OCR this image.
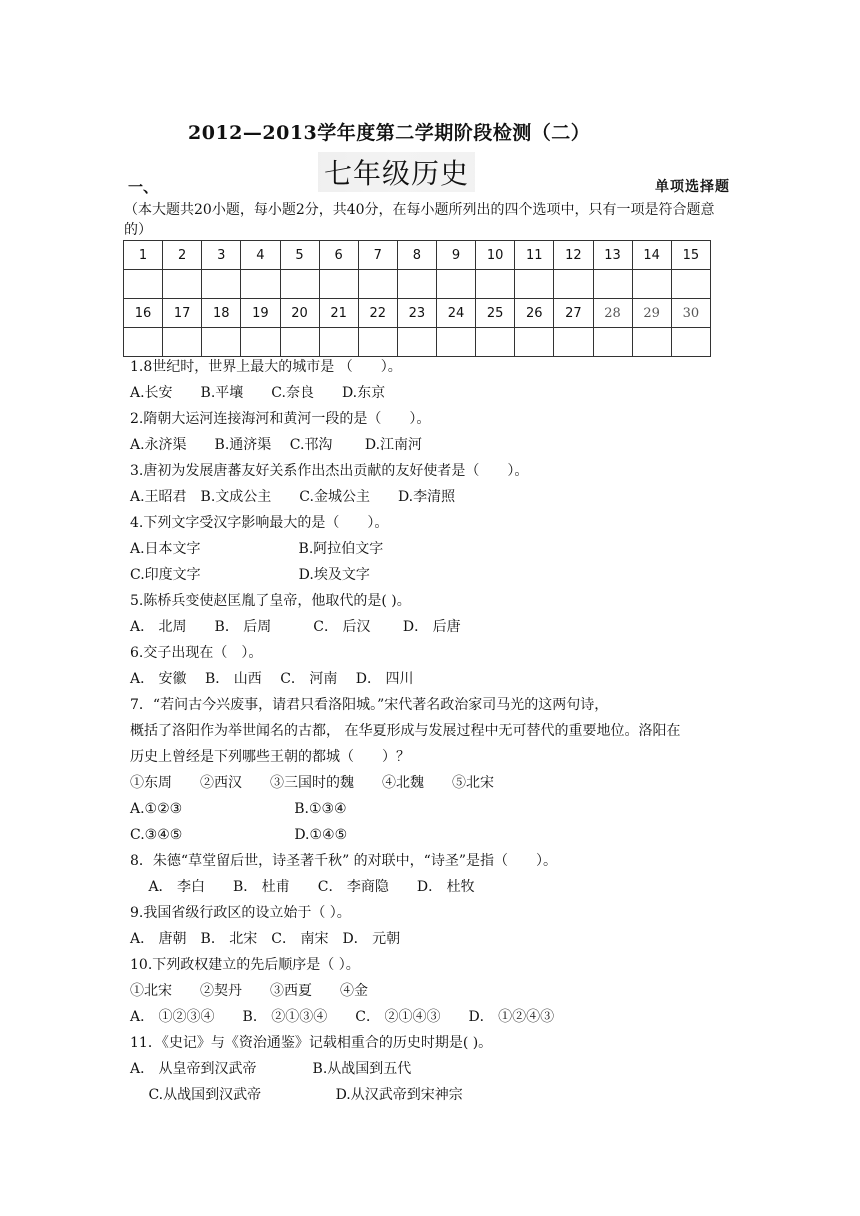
2012—2013学年度第二学期阶段检测（二）
七年级历史
一、	单项选择题
（本大题共20小题，每小题2分，共40分，在每小题所列出的四个选项中，只有一项是符合题意的）
1	2	3	4	5	6	7	8	9	10	11	12	13	14	15

16	17	18	19	20	21	22	23	24	25	26	27	28	29	30

1.8世纪时，世界上最大的城市是 （　　）。
A.长安　　B.平壤　　C.奈良　　D.东京
2.隋朝大运河连接海河和黄河一段的是（　　）。
A.永济渠　　B.通济渠　 C.邗沟　　 D.江南河
3.唐初为发展唐蕃友好关系作出杰出贡献的友好使者是（　　）。
A.王昭君　B.文成公主　　C.金城公主　　D.李清照
4.下列文字受汉字影响最大的是（　　）。
A.日本文字　　　　　　　B.阿拉伯文字
C.印度文字　　　　　　　D.埃及文字
5.陈桥兵变使赵匡胤了皇帝，他取代的是( )。
A． 北周　　B． 后周　　　C． 后汉　　 D． 后唐
6.交子出现在（　）。
A． 安徽　 B． 山西　 C． 河南　 D． 四川
7．“若问古今兴废事，请君只看洛阳城。”宋代著名政治家司马光的这两句诗，
概括了洛阳作为举世闻名的古都， 在华夏形成与发展过程中无可替代的重要地位。洛阳在
历史上曾经是下列哪些王朝的都城（　　）？
①东周　　②西汉　　③三国时的魏　　④北魏　　⑤北宋
A.①②③　　　　　　　　B.①③④
C.③④⑤　　　　　　　　D.①④⑤
8．朱德“草堂留后世，诗圣著千秋” 的对联中，“诗圣”是指（　　）。
　 A． 李白　　B． 杜甫　　C． 李商隐　　D． 杜牧
9.我国省级行政区的设立始于（ ）。
A． 唐朝　B． 北宋　C． 南宋　D． 元朝
10.下列政权建立的先后顺序是（ ）。
①北宋　　②契丹　　③西夏　　④金
A． ①②③④　　B． ②①③④　　C． ②①④③　　D． ①②④③
11．《史记》与《资治通鉴》记载相重合的历史时期是( )。
A． 从皇帝到汉武帝　　　　B.从战国到五代
　 C.从战国到汉武帝　　　　　 D.从汉武帝到宋神宗
